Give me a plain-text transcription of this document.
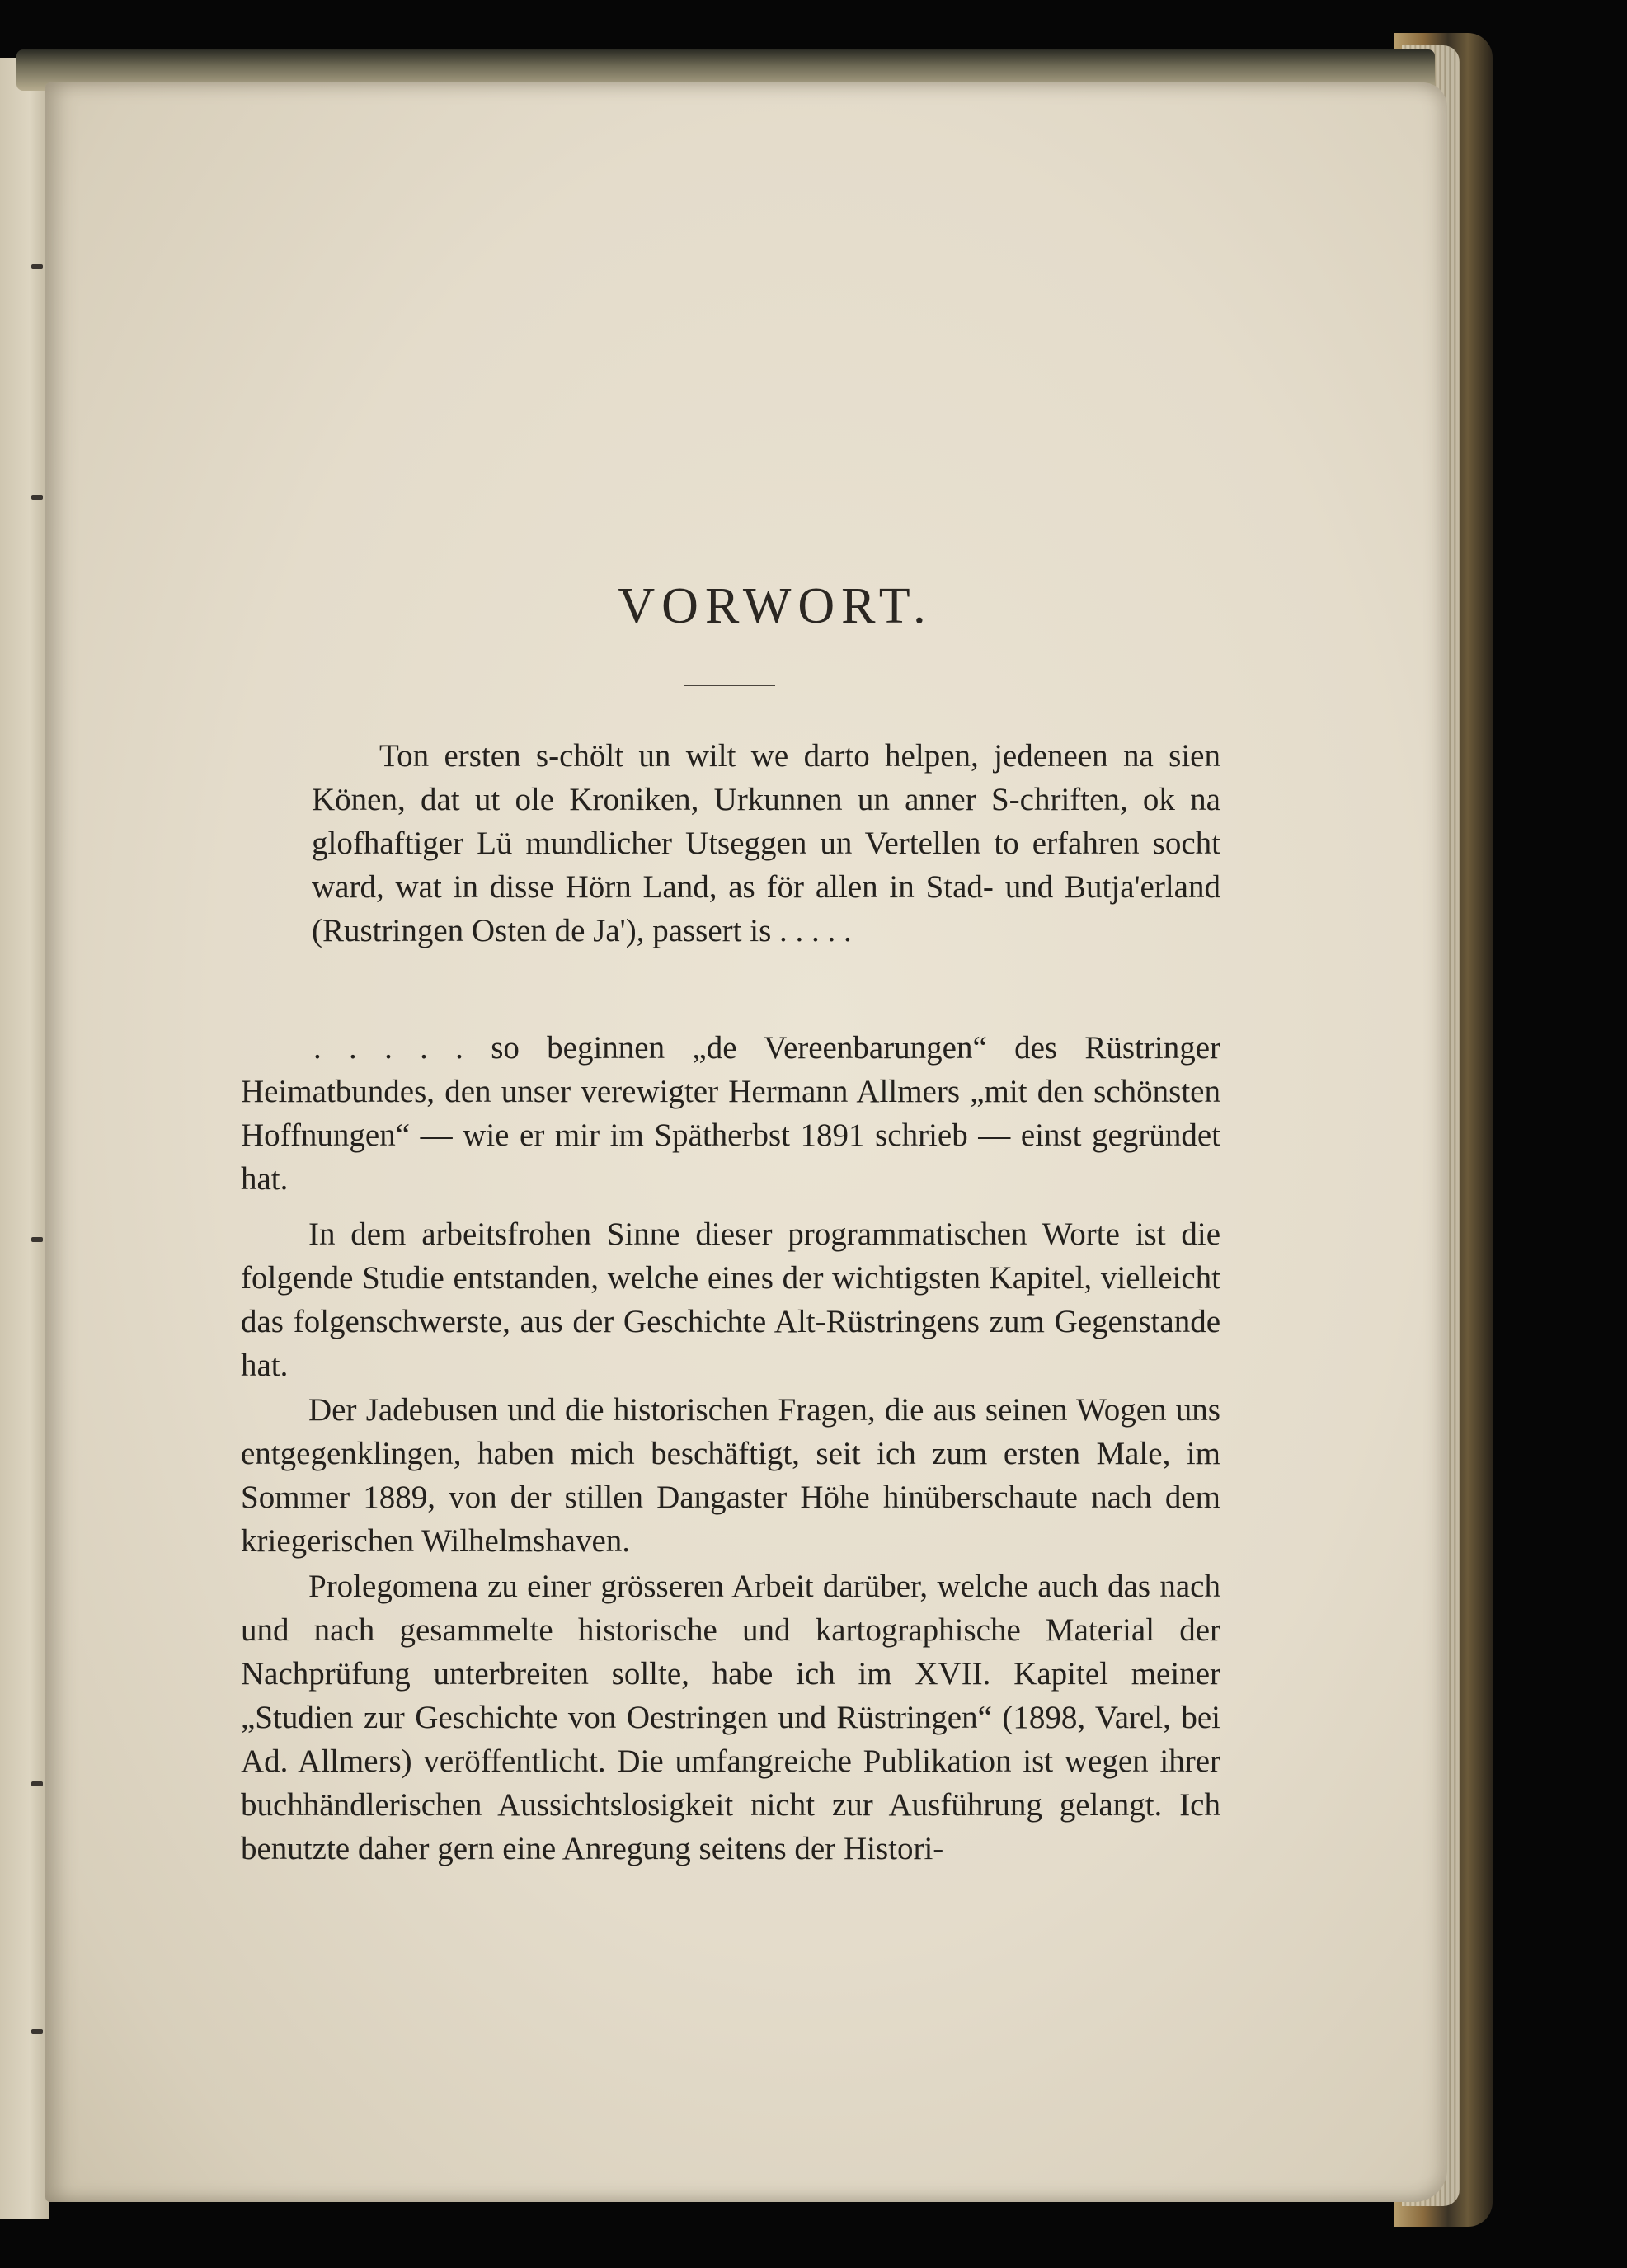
VORWORT.

Ton ersten s-chölt un wilt we darto helpen, jedeneen na sien Könen, dat ut ole Kroniken, Urkunnen un anner S-chriften, ok na glofhaftiger Lü mundlicher Utseggen un Vertellen to erfahren socht ward, wat in disse Hörn Land, as för allen in Stad- und Butja'erland (Rustringen Osten de Ja'), passert is . . . . .

. . . . . so beginnen „de Vereenbarungen“ des Rüstringer Heimatbundes, den unser verewigter Hermann Allmers „mit den schönsten Hoffnungen“ — wie er mir im Spätherbst 1891 schrieb — einst gegründet hat.

In dem arbeitsfrohen Sinne dieser programmatischen Worte ist die folgende Studie entstanden, welche eines der wichtigsten Kapitel, vielleicht das folgenschwerste, aus der Geschichte Alt-Rüstringens zum Gegenstande hat.

Der Jadebusen und die historischen Fragen, die aus seinen Wogen uns entgegenklingen, haben mich beschäftigt, seit ich zum ersten Male, im Sommer 1889, von der stillen Dangaster Höhe hinüberschaute nach dem kriegerischen Wilhelmshaven.

Prolegomena zu einer grösseren Arbeit darüber, welche auch das nach und nach gesammelte historische und kartographische Material der Nachprüfung unterbreiten sollte, habe ich im XVII. Kapitel meiner „Studien zur Geschichte von Oestringen und Rüstringen“ (1898, Varel, bei Ad. Allmers) veröffentlicht. Die umfangreiche Publikation ist wegen ihrer buchhändlerischen Aussichtslosigkeit nicht zur Ausführung gelangt. Ich benutzte daher gern eine Anregung seitens der Histori-
